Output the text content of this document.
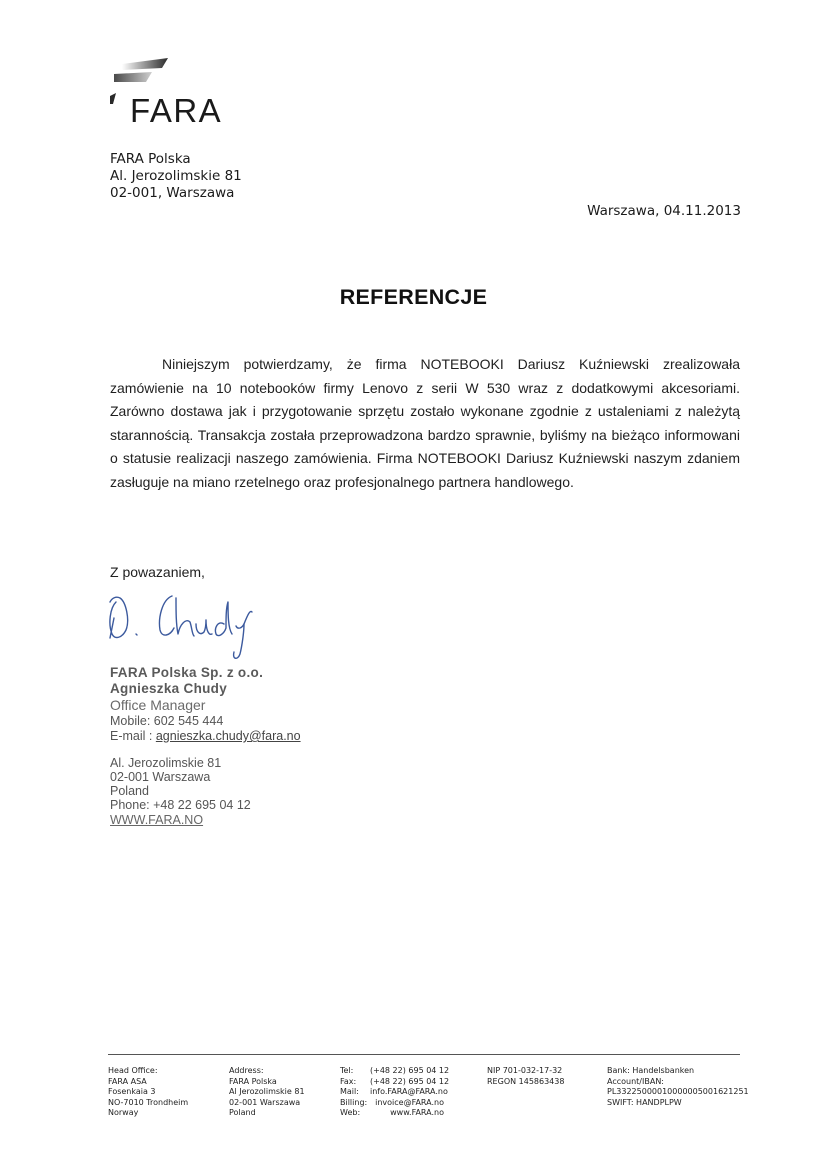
FARA
FARA Polska
Al. Jerozolimskie 81
02-001, Warszawa
Warszawa, 04.11.2013
REFERENCJE

Niniejszym potwierdzamy, że firma NOTEBOOKI Dariusz Kuźniewski zrealizowała zamówienie na 10 notebooków firmy Lenovo z serii W 530 wraz z dodatkowymi akcesoriami. Zarówno dostawa jak i przygotowanie sprzętu zostało wykonane zgodnie z ustaleniami z należytą starannością. Transakcja została przeprowadzona bardzo sprawnie, byliśmy na bieżąco informowani o statusie realizacji naszego zamówienia. Firma NOTEBOOKI Dariusz Kuźniewski naszym zdaniem zasługuje na miano rzetelnego oraz profesjonalnego partnera handlowego.

Z powazaniem,
FARA Polska Sp. z o.o.
Agnieszka Chudy
Office Manager
Mobile: 602 545 444
E-mail : agnieszka.chudy@fara.no
Al. Jerozolimskie 81
02-001 Warszawa
Poland
Phone: +48 22 695 04 12
WWW.FARA.NO
Head Office:
FARA ASA
Fosenkaia 3
NO-7010 Trondheim
Norway
Address:
FARA Polska
Al Jerozolimskie 81
02-001 Warszawa
Poland
Tel:	(+48 22) 695 04 12
Fax:	(+48 22) 695 04 12
Mail:	info.FARA@FARA.no
Billing: invoice@FARA.no
Web:	www.FARA.no
NIP 701-032-17-32
REGON 145863438
Bank: Handelsbanken
Account/IBAN:
PL33225000010000005001621251
SWIFT: HANDPLPW
